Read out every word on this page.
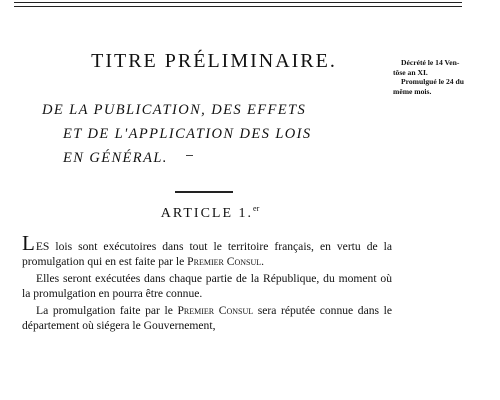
TITRE PRÉLIMINAIRE.
DE LA PUBLICATION, DES EFFETS
ET DE L'APPLICATION DES LOIS
EN GÉNÉRAL.
ARTICLE 1.$^{er}$
Décrété le 14 Ven-
tôse an XI.
Promulgué le 24 du
même mois.

LES lois sont exécutoires dans tout le territoire français, en vertu de la promulgation qui en est faite par le Premier Consul.

Elles seront exécutées dans chaque partie de la République, du moment où la promulgation en pourra être connue.

La promulgation faite par le Premier Consul sera réputée connue dans le département où siégera le Gouvernement,
